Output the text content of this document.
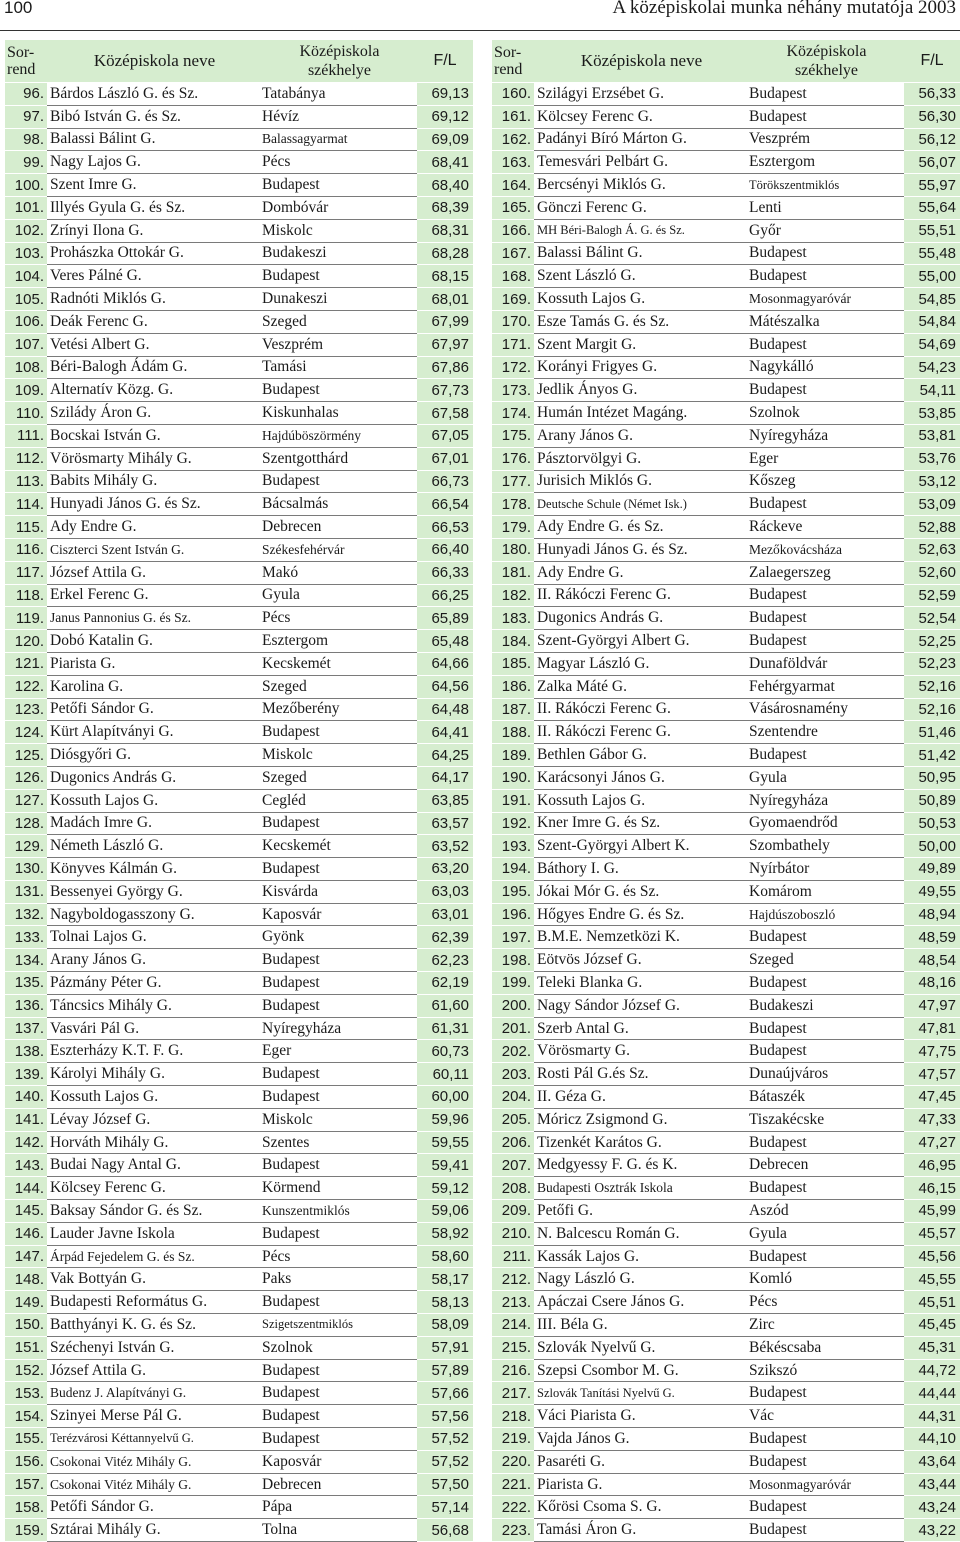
100	A középiskolai munka néhány mutatója 2003
Sor-
rend	Középiskola neve	Középiskola
székhelye	F/L
96.	Bárdos László G. és Sz.	Tatabánya	69,13
97.	Bibó István G. és Sz.	Hévíz	69,12
98.	Balassi Bálint G.	Balassagyarmat	69,09
99.	Nagy Lajos G.	Pécs	68,41
100.	Szent Imre G.	Budapest	68,40
101.	Illyés Gyula G. és Sz.	Dombóvár	68,39
102.	Zrínyi Ilona G.	Miskolc	68,31
103.	Prohászka Ottokár G.	Budakeszi	68,28
104.	Veres Pálné G.	Budapest	68,15
105.	Radnóti Miklós G.	Dunakeszi	68,01
106.	Deák Ferenc G.	Szeged	67,99
107.	Vetési Albert G.	Veszprém	67,97
108.	Béri-Balogh Ádám G.	Tamási	67,86
109.	Alternatív Közg. G.	Budapest	67,73
110.	Szilády Áron G.	Kiskunhalas	67,58
111.	Bocskai István G.	Hajdúböszörmény	67,05
112.	Vörösmarty Mihály G.	Szentgotthárd	67,01
113.	Babits Mihály G.	Budapest	66,73
114.	Hunyadi János G. és Sz.	Bácsalmás	66,54
115.	Ady Endre G.	Debrecen	66,53
116.	Ciszterci Szent István G.	Székesfehérvár	66,40
117.	József Attila G.	Makó	66,33
118.	Erkel Ferenc G.	Gyula	66,25
119.	Janus Pannonius G. és Sz.	Pécs	65,89
120.	Dobó Katalin G.	Esztergom	65,48
121.	Piarista G.	Kecskemét	64,66
122.	Karolina G.	Szeged	64,56
123.	Petőfi Sándor G.	Mezőberény	64,48
124.	Kürt Alapítványi G.	Budapest	64,41
125.	Diósgyőri G.	Miskolc	64,25
126.	Dugonics András G.	Szeged	64,17
127.	Kossuth Lajos G.	Cegléd	63,85
128.	Madách Imre G.	Budapest	63,57
129.	Németh László G.	Kecskemét	63,52
130.	Könyves Kálmán G.	Budapest	63,20
131.	Bessenyei György G.	Kisvárda	63,03
132.	Nagyboldogasszony G.	Kaposvár	63,01
133.	Tolnai Lajos G.	Gyönk	62,39
134.	Arany János G.	Budapest	62,23
135.	Pázmány Péter G.	Budapest	62,19
136.	Táncsics Mihály G.	Budapest	61,60
137.	Vasvári Pál G.	Nyíregyháza	61,31
138.	Eszterházy K.T. F. G.	Eger	60,73
139.	Károlyi Mihály G.	Budapest	60,11
140.	Kossuth Lajos G.	Budapest	60,00
141.	Lévay József G.	Miskolc	59,96
142.	Horváth Mihály G.	Szentes	59,55
143.	Budai Nagy Antal G.	Budapest	59,41
144.	Kölcsey Ferenc G.	Körmend	59,12
145.	Baksay Sándor G. és Sz.	Kunszentmiklós	59,06
146.	Lauder Javne Iskola	Budapest	58,92
147.	Árpád Fejedelem G. és Sz.	Pécs	58,60
148.	Vak Bottyán G.	Paks	58,17
149.	Budapesti Református G.	Budapest	58,13
150.	Batthyányi K. G. és Sz.	Szigetszentmiklós	58,09
151.	Széchenyi István G.	Szolnok	57,91
152.	József Attila G.	Budapest	57,89
153.	Budenz J. Alapítványi G.	Budapest	57,66
154.	Szinyei Merse Pál G.	Budapest	57,56
155.	Terézvárosi Kéttannyelvű G.	Budapest	57,52
156.	Csokonai Vitéz Mihály G.	Kaposvár	57,52
157.	Csokonai Vitéz Mihály G.	Debrecen	57,50
158.	Petőfi Sándor G.	Pápa	57,14
159.	Sztárai Mihály G.	Tolna	56,68
Sor-
rend	Középiskola neve	Középiskola
székhelye	F/L
160.	Szilágyi Erzsébet G.	Budapest	56,33
161.	Kölcsey Ferenc G.	Budapest	56,30
162.	Padányi Bíró Márton G.	Veszprém	56,12
163.	Temesvári Pelbárt G.	Esztergom	56,07
164.	Bercsényi Miklós G.	Törökszentmiklós	55,97
165.	Gönczi Ferenc G.	Lenti	55,64
166.	MH Béri-Balogh Á. G. és Sz.	Győr	55,51
167.	Balassi Bálint G.	Budapest	55,48
168.	Szent László G.	Budapest	55,00
169.	Kossuth Lajos G.	Mosonmagyaróvár	54,85
170.	Esze Tamás G. és Sz.	Mátészalka	54,84
171.	Szent Margit G.	Budapest	54,69
172.	Korányi Frigyes G.	Nagykálló	54,23
173.	Jedlik Ányos G.	Budapest	54,11
174.	Humán Intézet Magáng.	Szolnok	53,85
175.	Arany János G.	Nyíregyháza	53,81
176.	Pásztorvölgyi G.	Eger	53,76
177.	Jurisich Miklós G.	Kőszeg	53,12
178.	Deutsche Schule (Német Isk.)	Budapest	53,09
179.	Ady Endre G. és Sz.	Ráckeve	52,88
180.	Hunyadi János G. és Sz.	Mezőkovácsháza	52,63
181.	Ady Endre G.	Zalaegerszeg	52,60
182.	II. Rákóczi Ferenc G.	Budapest	52,59
183.	Dugonics András G.	Budapest	52,54
184.	Szent-Györgyi Albert G.	Budapest	52,25
185.	Magyar László G.	Dunaföldvár	52,23
186.	Zalka Máté G.	Fehérgyarmat	52,16
187.	II. Rákóczi Ferenc G.	Vásárosnamény	52,16
188.	II. Rákóczi Ferenc G.	Szentendre	51,46
189.	Bethlen Gábor G.	Budapest	51,42
190.	Karácsonyi János G.	Gyula	50,95
191.	Kossuth Lajos G.	Nyíregyháza	50,89
192.	Kner Imre G. és Sz.	Gyomaendrőd	50,53
193.	Szent-Györgyi Albert K.	Szombathely	50,00
194.	Báthory I. G.	Nyírbátor	49,89
195.	Jókai Mór G. és Sz.	Komárom	49,55
196.	Hőgyes Endre G. és Sz.	Hajdúszoboszló	48,94
197.	B.M.E. Nemzetközi K.	Budapest	48,59
198.	Eötvös József G.	Szeged	48,54
199.	Teleki Blanka G.	Budapest	48,16
200.	Nagy Sándor József G.	Budakeszi	47,97
201.	Szerb Antal G.	Budapest	47,81
202.	Vörösmarty G.	Budapest	47,75
203.	Rosti Pál G.és Sz.	Dunaújváros	47,57
204.	II. Géza G.	Bátaszék	47,45
205.	Móricz Zsigmond G.	Tiszakécske	47,33
206.	Tizenkét Karátos G.	Budapest	47,27
207.	Medgyessy F. G. és K.	Debrecen	46,95
208.	Budapesti Osztrák Iskola	Budapest	46,15
209.	Petőfi G.	Aszód	45,99
210.	N. Balcescu Román G.	Gyula	45,57
211.	Kassák Lajos G.	Budapest	45,56
212.	Nagy László G.	Komló	45,55
213.	Apáczai Csere János G.	Pécs	45,51
214.	III. Béla G.	Zirc	45,45
215.	Szlovák Nyelvű G.	Békéscsaba	45,31
216.	Szepsi Csombor M. G.	Szikszó	44,72
217.	Szlovák Tanítási Nyelvű G.	Budapest	44,44
218.	Váci Piarista G.	Vác	44,31
219.	Vajda János G.	Budapest	44,10
220.	Pasaréti G.	Budapest	43,64
221.	Piarista G.	Mosonmagyaróvár	43,44
222.	Kőrösi Csoma S. G.	Budapest	43,24
223.	Tamási Áron G.	Budapest	43,22
